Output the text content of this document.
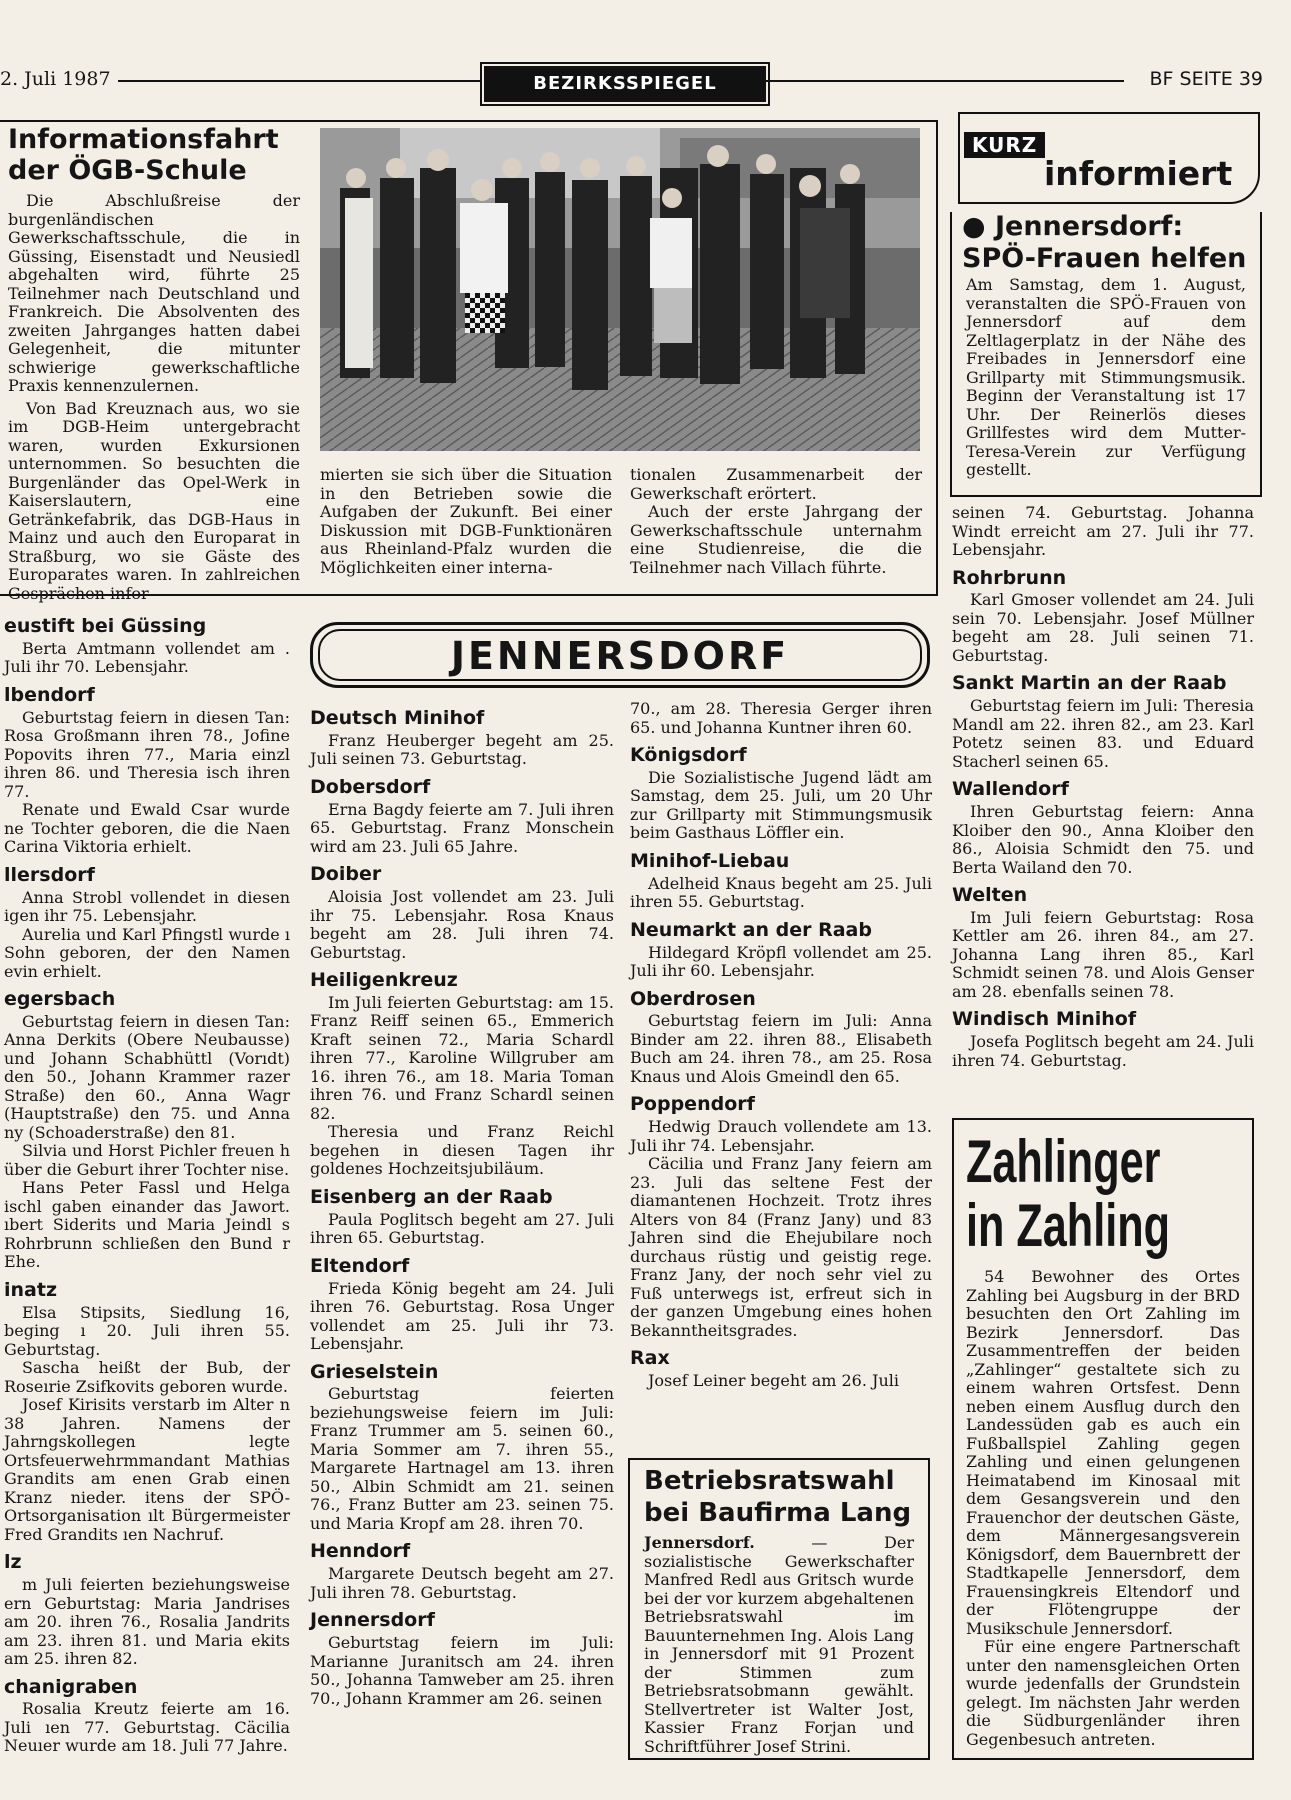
2. Juli 1987	BEZIRKSSPIEGEL	BF SEITE 39
Informationsfahrt
der ÖGB-Schule

Die Abschlußreise der burgenländischen Gewerkschaftsschule, die in Güssing, Eisenstadt und Neusiedl abgehalten wird, führte 25 Teilnehmer nach Deutschland und Frankreich. Die Absolventen des zweiten Jahrganges hatten dabei Gelegenheit, die mitunter schwierige gewerkschaftliche Praxis kennenzulernen.

Von Bad Kreuznach aus, wo sie im DGB-Heim untergebracht waren, wurden Exkursionen unternommen. So besuchten die Burgenländer das Opel-Werk in Kaiserslautern, eine Getränkefabrik, das DGB-Haus in Mainz und auch den Europarat in Straßburg, wo sie Gäste des Europarates waren. In zahlreichen Gesprächen infor-

mierten sie sich über die Situation in den Betrieben sowie die Aufgaben der Zukunft. Bei einer Diskussion mit DGB-Funktionären aus Rheinland-Pfalz wurden die Möglichkeiten einer interna-

tionalen Zusammenarbeit der Gewerkschaft erörtert.

Auch der erste Jahrgang der Gewerkschaftsschule unternahm eine Studienreise, die die Teilnehmer nach Villach führte.

KURZ
informiert
● Jennersdorf:
SPÖ-Frauen helfen
Am Samstag, dem 1. August, veranstalten die SPÖ-Frauen von Jennersdorf auf dem Zeltlagerplatz in der Nähe des Freibades in Jennersdorf eine Grillparty mit Stimmungsmusik. Beginn der Veranstaltung ist 17 Uhr. Der Reinerlös dieses Grillfestes wird dem Mutter-Teresa-Verein zur Verfügung gestellt.
eustift bei Güssing

Berta Amtmann vollendet am . Juli ihr 70. Lebensjahr.

lbendorf

Geburtstag feiern in diesen Tan: Rosa Großmann ihren 78., Jofine Popovits ihren 77., Maria einzl ihren 86. und Theresia isch ihren 77.

Renate und Ewald Csar wurde ne Tochter geboren, die die Naen Carina Viktoria erhielt.

llersdorf

Anna Strobl vollendet in diesen igen ihr 75. Lebensjahr.

Aurelia und Karl Pfingstl wurde ı Sohn geboren, der den Namen evin erhielt.

egersbach

Geburtstag feiern in diesen Tan: Anna Derkits (Obere Neubausse) und Johann Schabhüttl (Vorıdt) den 50., Johann Krammer razer Straße) den 60., Anna Wagr (Hauptstraße) den 75. und Anna ny (Schoaderstraße) den 81.

Silvia und Horst Pichler freuen h über die Geburt ihrer Tochter nise.

Hans Peter Fassl und Helga ischl gaben einander das Jawort. ıbert Siderits und Maria Jeindl s Rohrbrunn schließen den Bund r Ehe.

inatz

Elsa Stipsits, Siedlung 16, beging ı 20. Juli ihren 55. Geburtstag.

Sascha heißt der Bub, der Roseırie Zsifkovits geboren wurde.

Josef Kirisits verstarb im Alter n 38 Jahren. Namens der Jahrngskollegen legte Ortsfeuerwehrmmandant Mathias Grandits am enen Grab einen Kranz nieder. itens der SPÖ-Ortsorganisation ılt Bürgermeister Fred Grandits ıen Nachruf.

lz

m Juli feierten beziehungsweise ern Geburtstag: Maria Jandrises am 20. ihren 76., Rosalia Jandrits am 23. ihren 81. und Maria ekits am 25. ihren 82.

chanigraben

Rosalia Kreutz feierte am 16. Juli ıen 77. Geburtstag. Cäcilia Neuıer wurde am 18. Juli 77 Jahre.

JENNERSDORF
Deutsch Minihof

Franz Heuberger begeht am 25. Juli seinen 73. Geburtstag.

Dobersdorf

Erna Bagdy feierte am 7. Juli ihren 65. Geburtstag. Franz Monschein wird am 23. Juli 65 Jahre.

Doiber

Aloisia Jost vollendet am 23. Juli ihr 75. Lebensjahr. Rosa Knaus begeht am 28. Juli ihren 74. Geburtstag.

Heiligenkreuz

Im Juli feierten Geburtstag: am 15. Franz Reiff seinen 65., Emmerich Kraft seinen 72., Maria Schardl ihren 77., Karoline Willgruber am 16. ihren 76., am 18. Maria Toman ihren 76. und Franz Schardl seinen 82.

Theresia und Franz Reichl begehen in diesen Tagen ihr goldenes Hochzeitsjubiläum.

Eisenberg an der Raab

Paula Poglitsch begeht am 27. Juli ihren 65. Geburtstag.

Eltendorf

Frieda König begeht am 24. Juli ihren 76. Geburtstag. Rosa Unger vollendet am 25. Juli ihr 73. Lebensjahr.

Grieselstein

Geburtstag feierten beziehungsweise feiern im Juli: Franz Trummer am 5. seinen 60., Maria Sommer am 7. ihren 55., Margarete Hartnagel am 13. ihren 50., Albin Schmidt am 21. seinen 76., Franz Butter am 23. seinen 75. und Maria Kropf am 28. ihren 70.

Henndorf

Margarete Deutsch begeht am 27. Juli ihren 78. Geburtstag.

Jennersdorf

Geburtstag feiern im Juli: Marianne Juranitsch am 24. ihren 50., Johanna Tamweber am 25. ihren 70., Johann Krammer am 26. seinen

70., am 28. Theresia Gerger ihren 65. und Johanna Kuntner ihren 60.

Königsdorf

Die Sozialistische Jugend lädt am Samstag, dem 25. Juli, um 20 Uhr zur Grillparty mit Stimmungsmusik beim Gasthaus Löffler ein.

Minihof-Liebau

Adelheid Knaus begeht am 25. Juli ihren 55. Geburtstag.

Neumarkt an der Raab

Hildegard Kröpfl vollendet am 25. Juli ihr 60. Lebensjahr.

Oberdrosen

Geburtstag feiern im Juli: Anna Binder am 22. ihren 88., Elisabeth Buch am 24. ihren 78., am 25. Rosa Knaus und Alois Gmeindl den 65.

Poppendorf

Hedwig Drauch vollendete am 13. Juli ihr 74. Lebensjahr.

Cäcilia und Franz Jany feiern am 23. Juli das seltene Fest der diamantenen Hochzeit. Trotz ihres Alters von 84 (Franz Jany) und 83 Jahren sind die Ehejubilare noch durchaus rüstig und geistig rege. Franz Jany, der noch sehr viel zu Fuß unterwegs ist, erfreut sich in der ganzen Umgebung eines hohen Bekanntheitsgrades.

Rax

Josef Leiner begeht am 26. Juli

seinen 74. Geburtstag. Johanna Windt erreicht am 27. Juli ihr 77. Lebensjahr.

Rohrbrunn

Karl Gmoser vollendet am 24. Juli sein 70. Lebensjahr. Josef Müllner begeht am 28. Juli seinen 71. Geburtstag.

Sankt Martin an der Raab

Geburtstag feiern im Juli: Theresia Mandl am 22. ihren 82., am 23. Karl Potetz seinen 83. und Eduard Stacherl seinen 65.

Wallendorf

Ihren Geburtstag feiern: Anna Kloiber den 90., Anna Kloiber den 86., Aloisia Schmidt den 75. und Berta Wailand den 70.

Welten

Im Juli feiern Geburtstag: Rosa Kettler am 26. ihren 84., am 27. Johanna Lang ihren 85., Karl Schmidt seinen 78. und Alois Genser am 28. ebenfalls seinen 78.

Windisch Minihof

Josefa Poglitsch begeht am 24. Juli ihren 74. Geburtstag.

Betriebsratswahl
bei Baufirma Lang

Jennersdorf. — Der sozialistische Gewerkschafter Manfred Redl aus Gritsch wurde bei der vor kurzem abgehaltenen Betriebsratswahl im Bauunternehmen Ing. Alois Lang in Jennersdorf mit 91 Prozent der Stimmen zum Betriebsratsobmann gewählt. Stellvertreter ist Walter Jost, Kassier Franz Forjan und Schriftführer Josef Strini.

Zahlinger
in Zahling

54 Bewohner des Ortes Zahling bei Augsburg in der BRD besuchten den Ort Zahling im Bezirk Jennersdorf. Das Zusammentreffen der beiden „Zahlinger“ gestaltete sich zu einem wahren Ortsfest. Denn neben einem Ausflug durch den Landessüden gab es auch ein Fußballspiel Zahling gegen Zahling und einen gelungenen Heimatabend im Kinosaal mit dem Gesangsverein und den Frauenchor der deutschen Gäste, dem Männergesangsverein Königsdorf, dem Bauernbrett der Stadtkapelle Jennersdorf, dem Frauensingkreis Eltendorf und der Flötengruppe der Musikschule Jennersdorf.

Für eine engere Partnerschaft unter den namensgleichen Orten wurde jedenfalls der Grundstein gelegt. Im nächsten Jahr werden die Südburgenländer ihren Gegenbesuch antreten.
